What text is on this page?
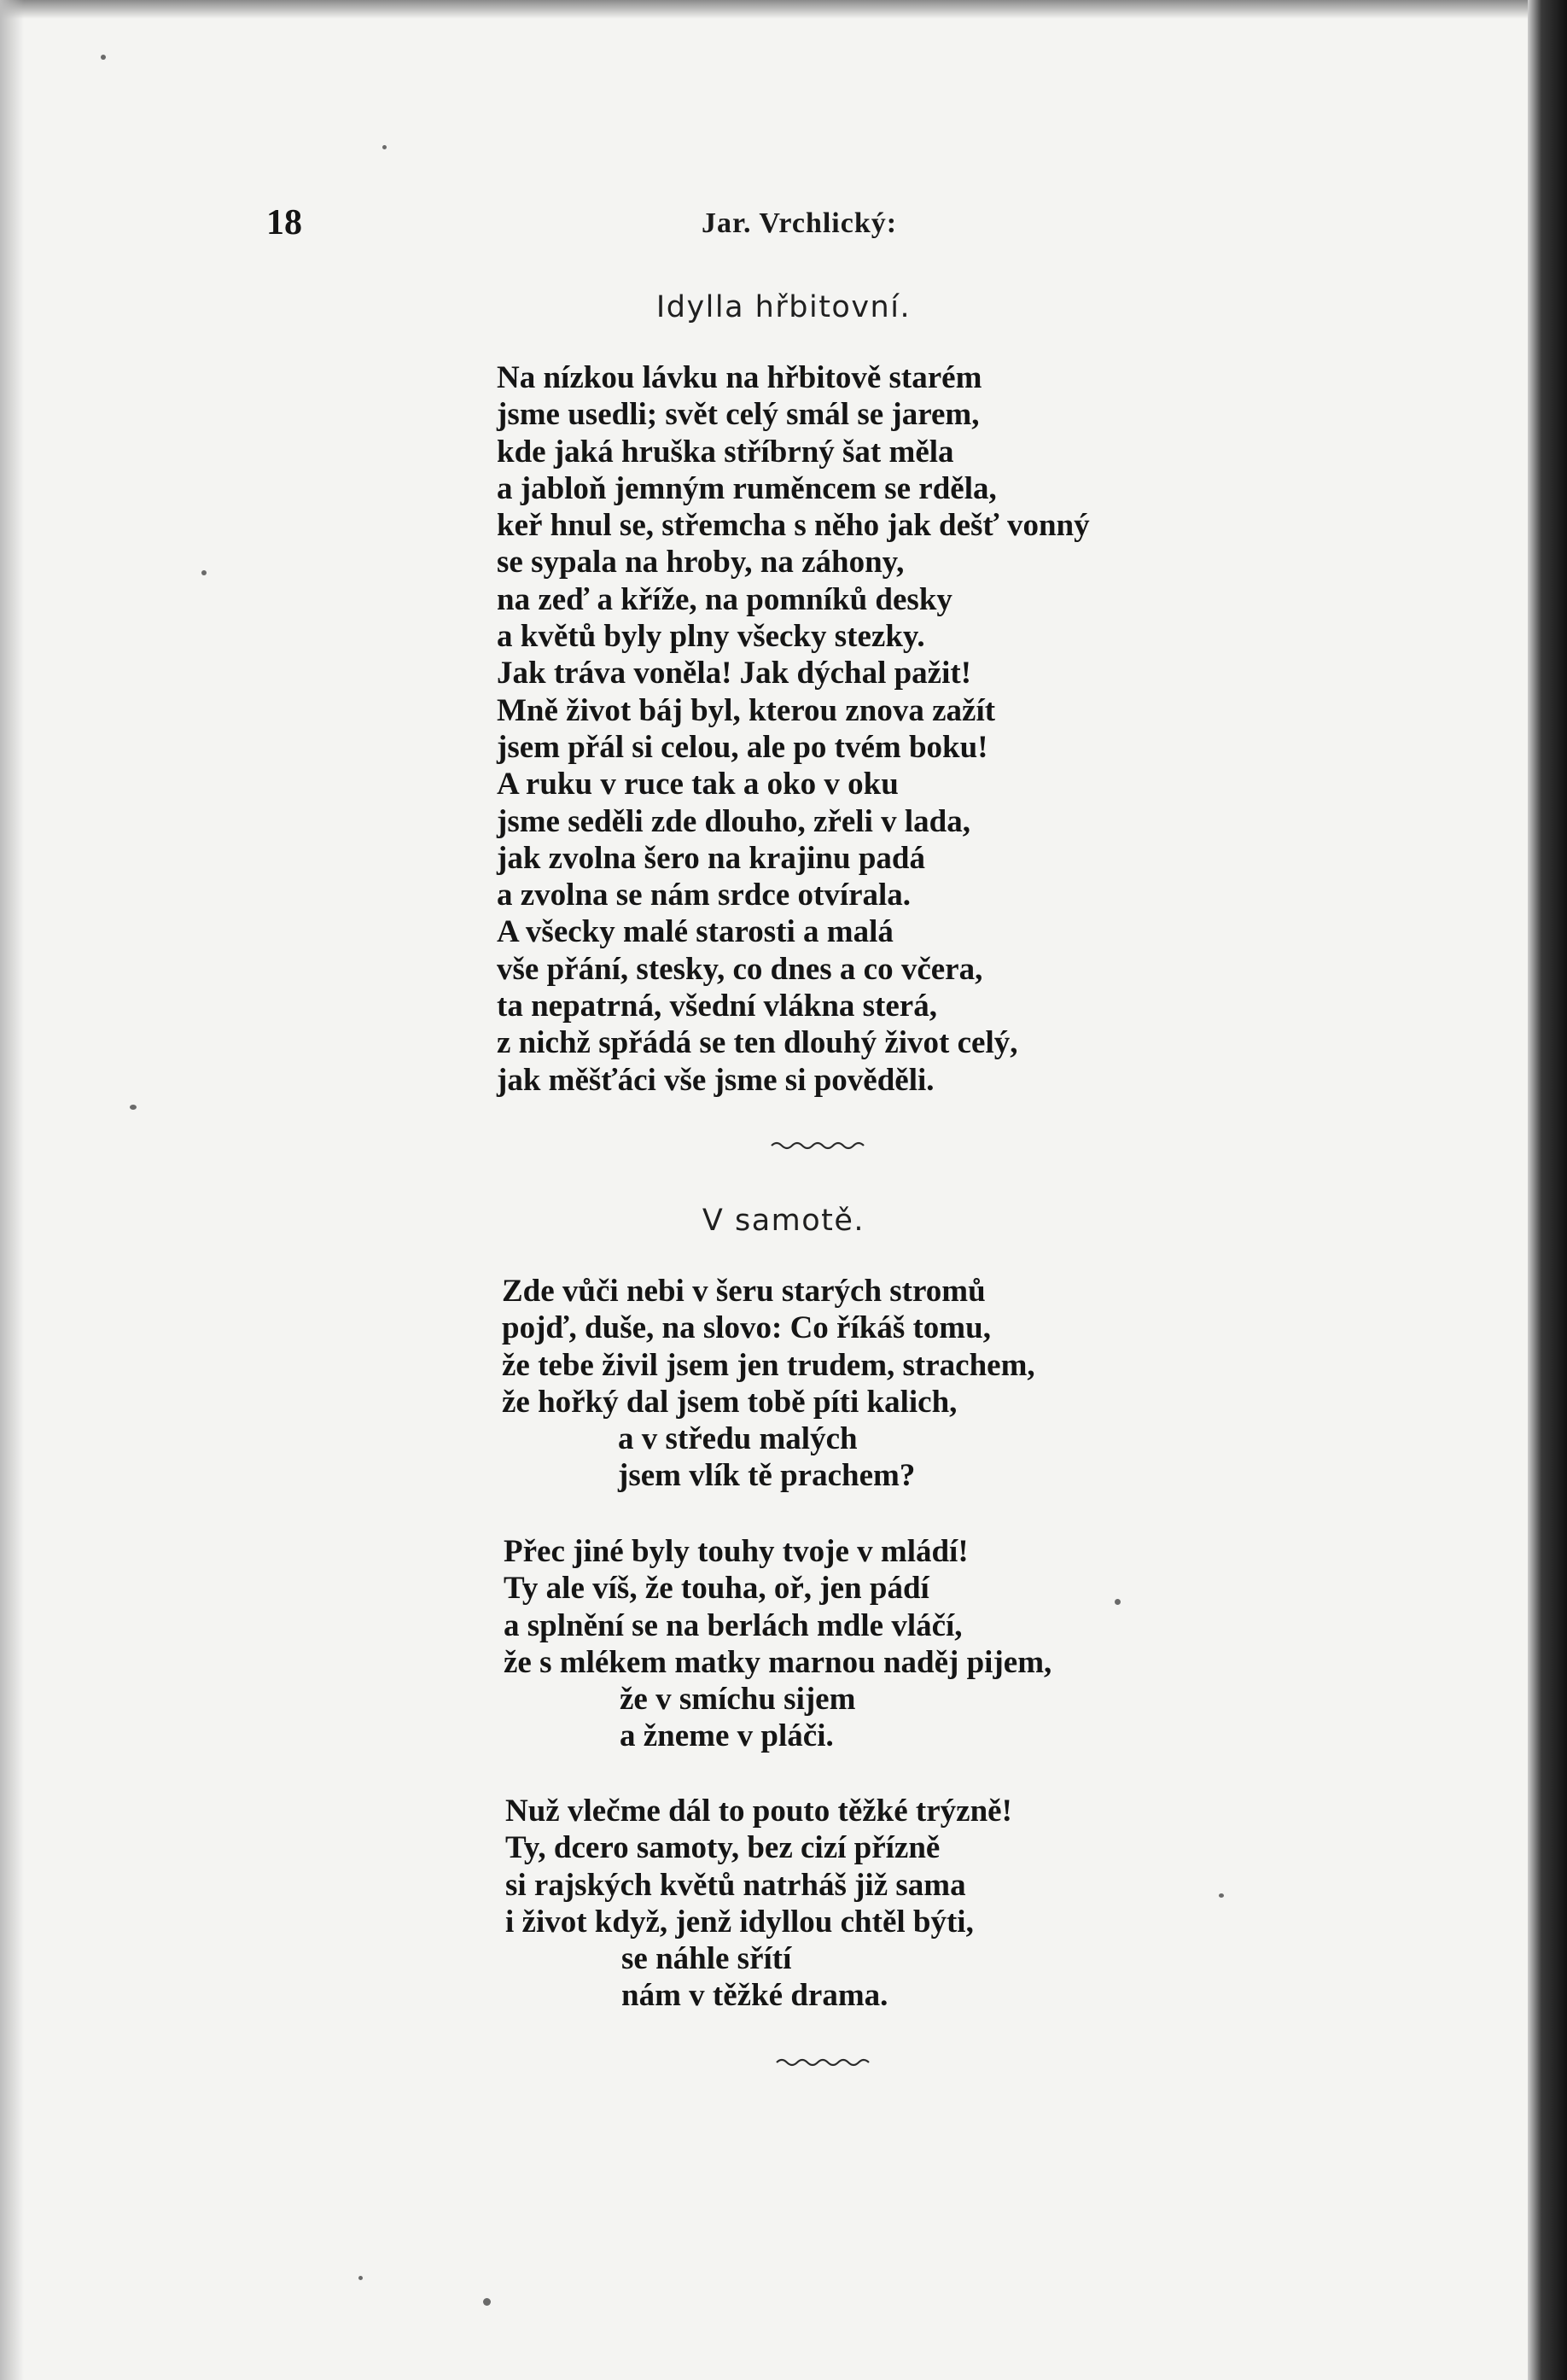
18	Jar. Vrchlický:
Idylla hřbitovní.
Na nízkou lávku na hřbitově starém
jsme usedli; svět celý smál se jarem,
kde jaká hruška stříbrný šat měla
a jabloň jemným ruměncem se rděla,
keř hnul se, střemcha s něho jak dešť vonný
se sypala na hroby, na záhony,
na zeď a kříže, na pomníků desky
a květů byly plny všecky stezky.
Jak tráva voněla! Jak dýchal pažit!
Mně život báj byl, kterou znova zažít
jsem přál si celou, ale po tvém boku!
A ruku v ruce tak a oko v oku
jsme seděli zde dlouho, zřeli v lada,
jak zvolna šero na krajinu padá
a zvolna se nám srdce otvírala.
A všecky malé starosti a malá
vše přání, stesky, co dnes a co včera,
ta nepatrná, všední vlákna sterá,
z nichž spřádá se ten dlouhý život celý,
jak měšťáci vše jsme si pověděli.
V samotě.
Zde vůči nebi v šeru starých stromů
pojď, duše, na slovo: Co říkáš tomu,
že tebe živil jsem jen trudem, strachem,
že hořký dal jsem tobě píti kalich,
a v středu malých
jsem vlík tě prachem?
Přec jiné byly touhy tvoje v mládí!
Ty ale víš, že touha, oř, jen pádí
a splnění se na berlách mdle vláčí,
že s mlékem matky marnou naděj pijem,
že v smíchu sijem
a žneme v pláči.
Nuž vlečme dál to pouto těžké trýzně!
Ty, dcero samoty, bez cizí přízně
si rajských květů natrháš již sama
i život když, jenž idyllou chtěl býti,
se náhle sřítí
nám v těžké drama.
